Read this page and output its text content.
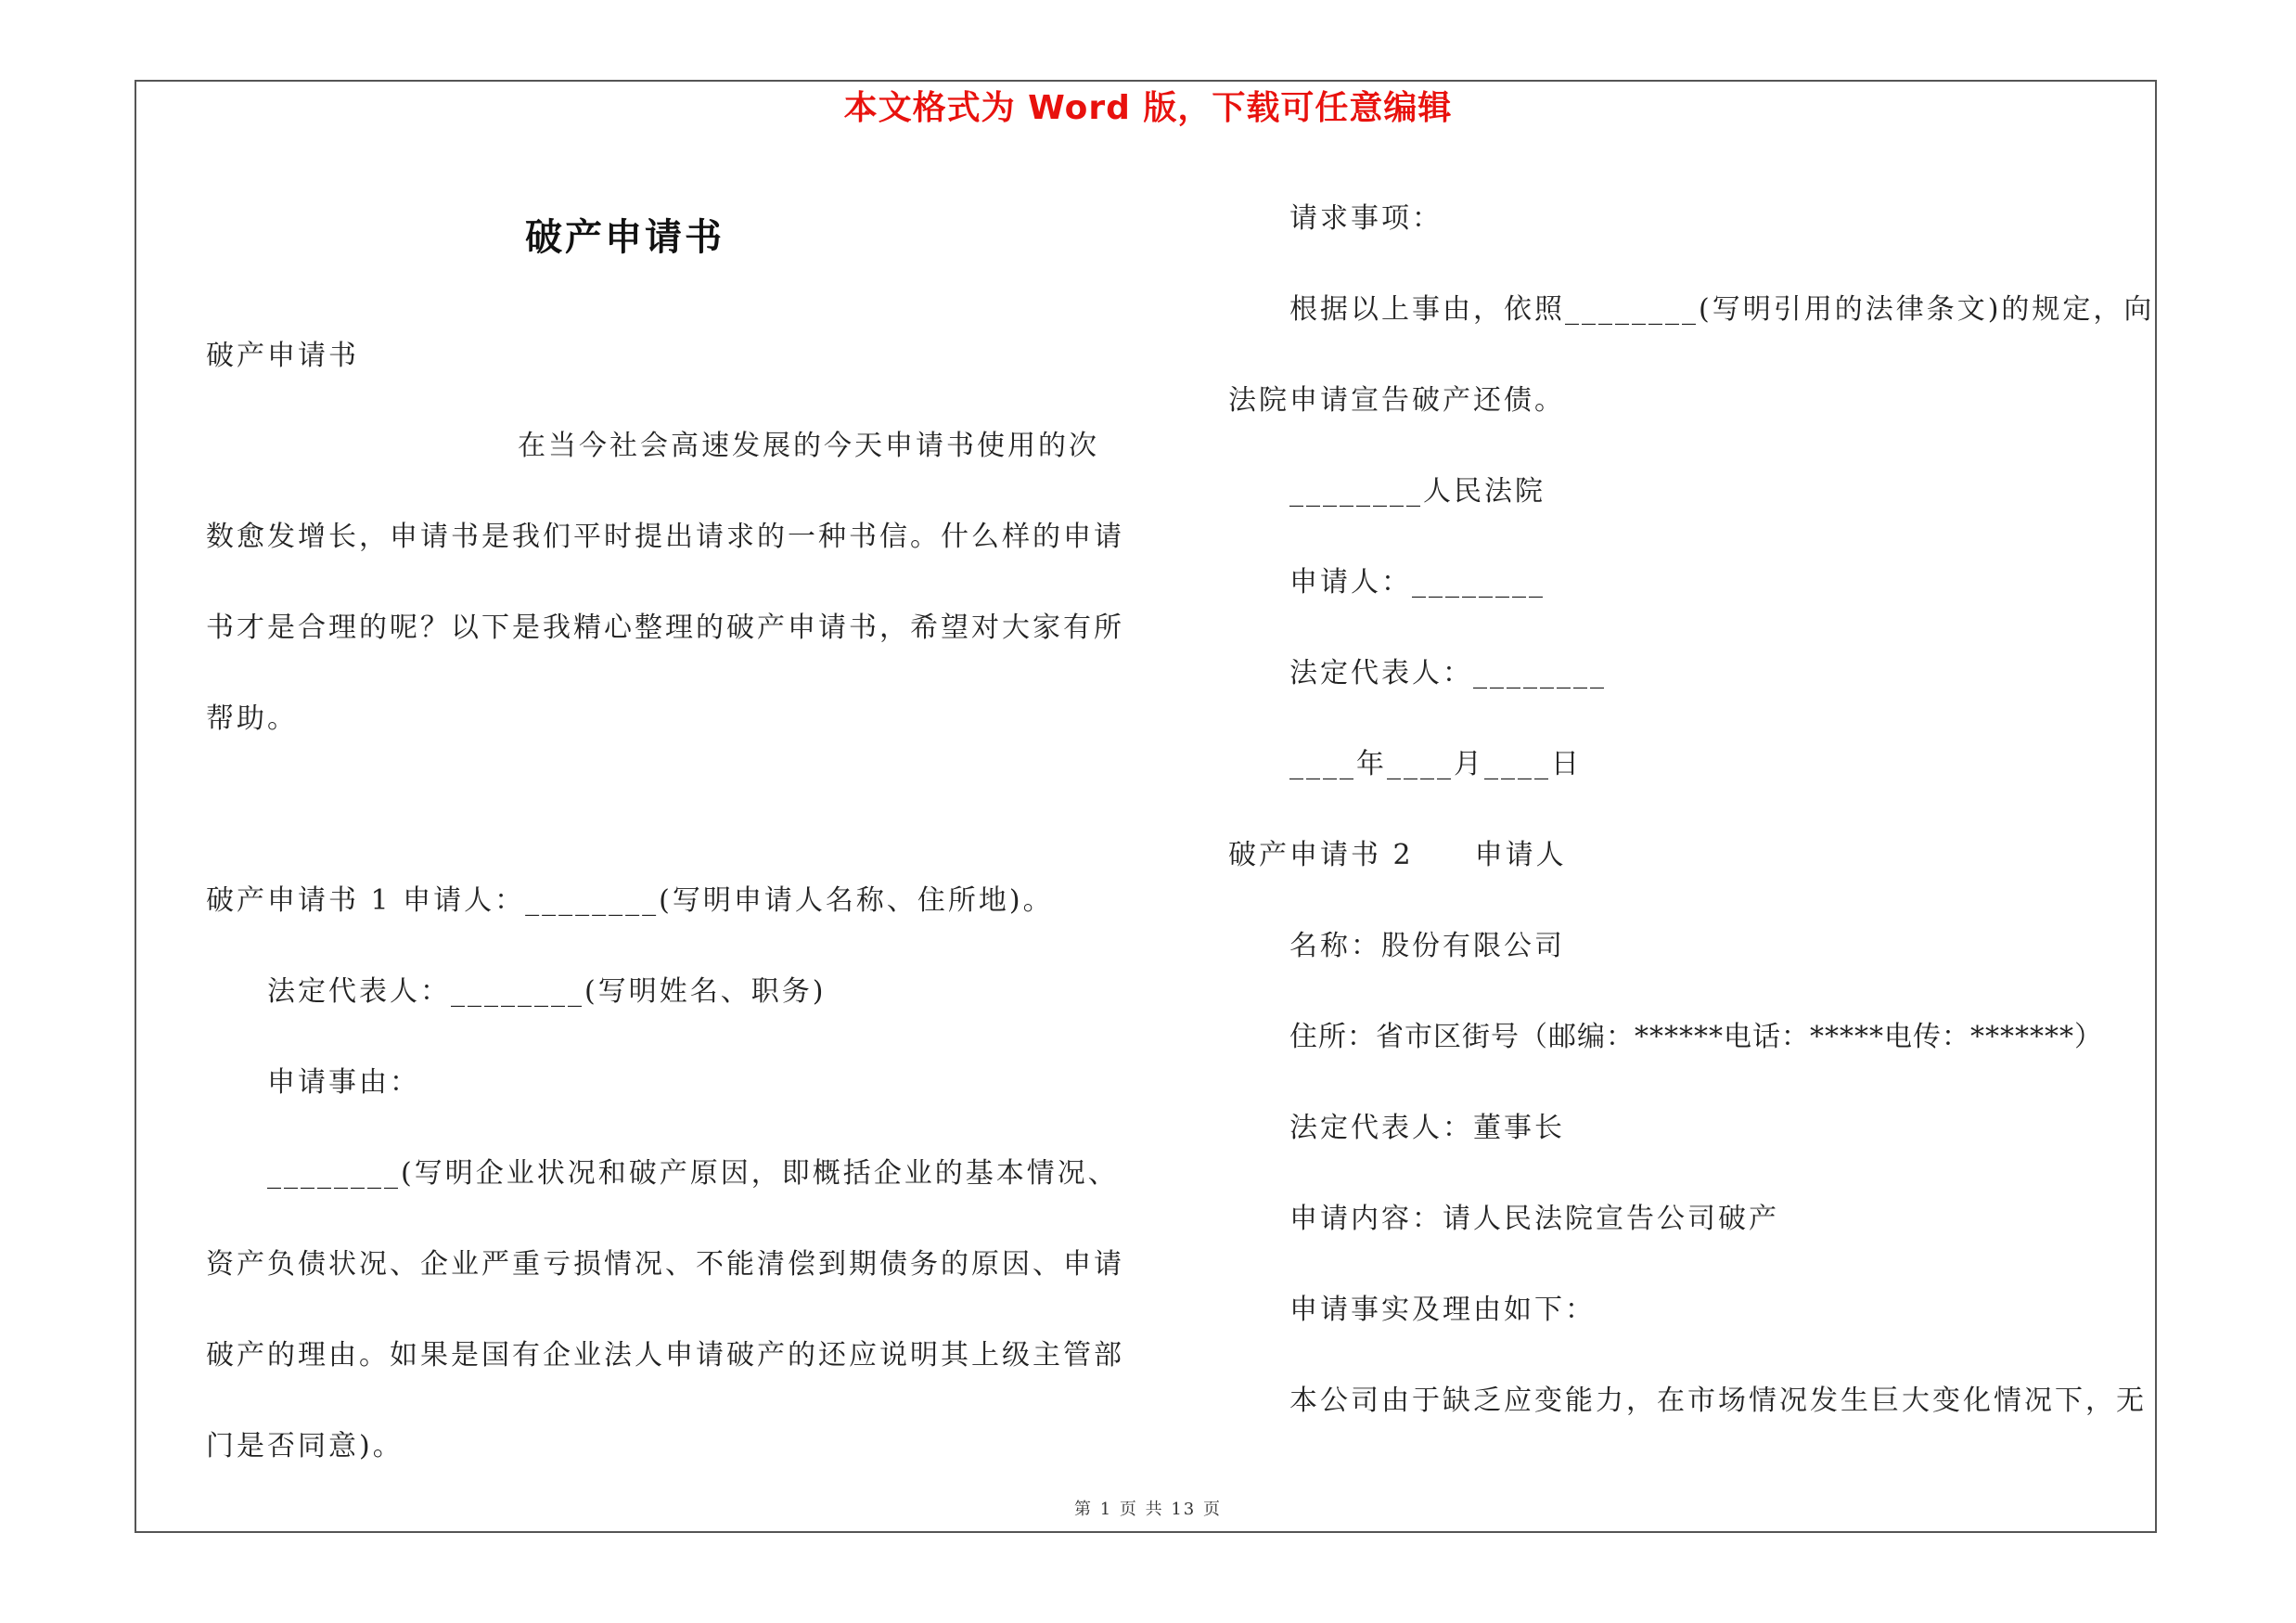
本文格式为 Word 版，下载可任意编辑
破产申请书
破产申请书
在当今社会高速发展的今天申请书使用的次
数愈发增长，申请书是我们平时提出请求的一种书信。什么样的申请
书才是合理的呢？以下是我精心整理的破产申请书，希望对大家有所
帮助。
破产申请书 1 申请人：________(写明申请人名称、住所地)。
法定代表人：________(写明姓名、职务)
申请事由：
________(写明企业状况和破产原因，即概括企业的基本情况、
资产负债状况、企业严重亏损情况、不能清偿到期债务的原因、申请
破产的理由。如果是国有企业法人申请破产的还应说明其上级主管部
门是否同意)。
请求事项：
根据以上事由，依照________(写明引用的法律条文)的规定，向
法院申请宣告破产还债。
________人民法院
申请人：________
法定代表人：________
____年____月____日
破产申请书 2　　申请人
名称：股份有限公司
住所：省市区街号（邮编：******电话：*****电传：*******）
法定代表人：董事长
申请内容：请人民法院宣告公司破产
申请事实及理由如下：
本公司由于缺乏应变能力，在市场情况发生巨大变化情况下，无
第 1 页 共 13 页
